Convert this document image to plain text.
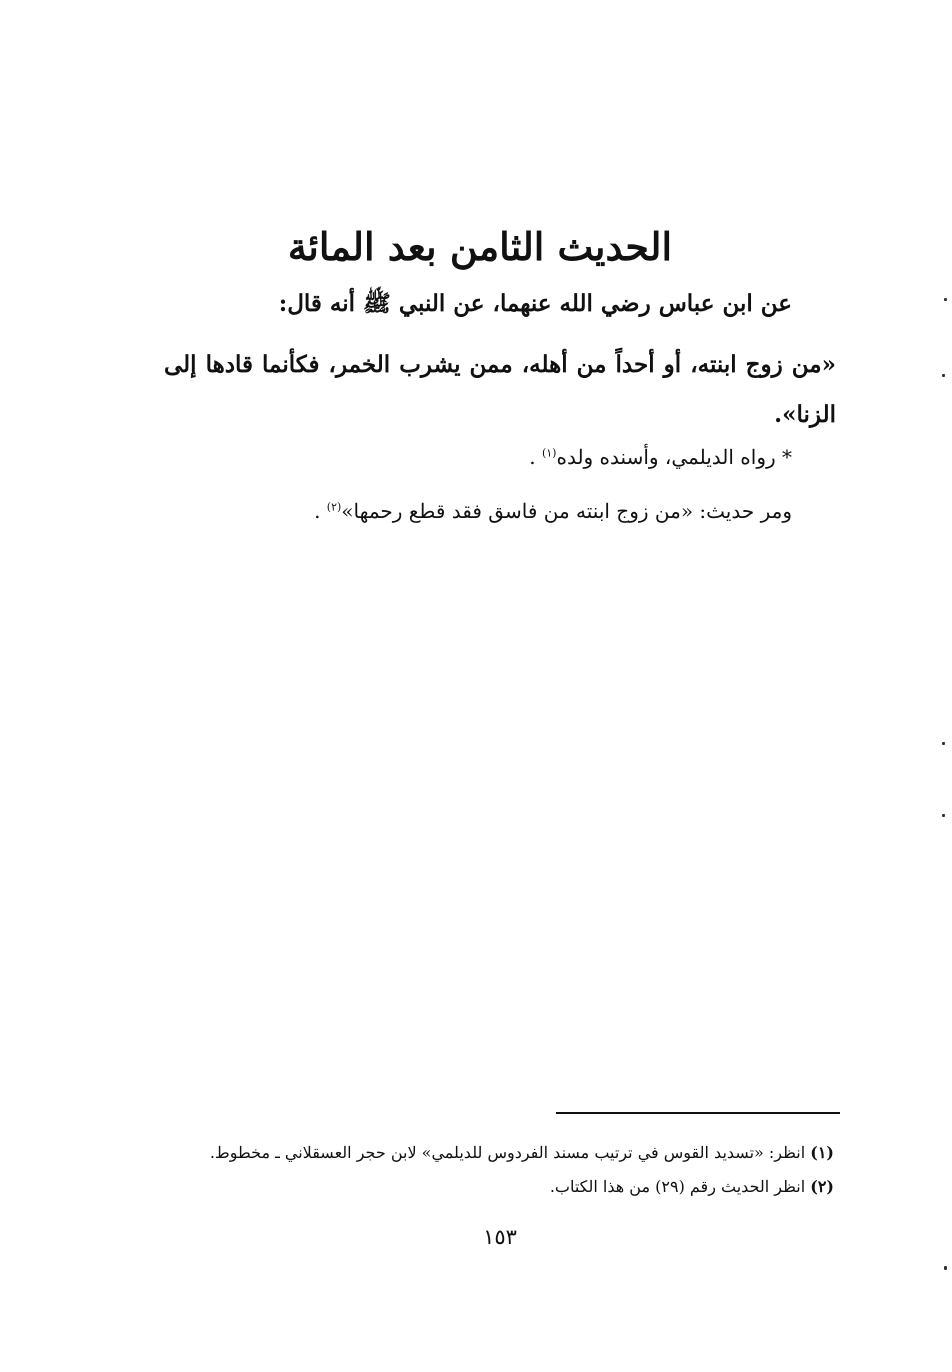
الحديث الثامن بعد المائة
عن ابن عباس رضي الله عنهما، عن النبي ﷺ أنه قال:
«من زوج ابنته، أو أحداً من أهله، ممن يشرب الخمر، فكأنما قادها إلى الزنا».
* رواه الديلمي، وأسنده ولده$^{(١)}$ .
ومر حديث: «من زوج ابنته من فاسق فقد قطع رحمها»$^{(٢)}$ .
(١) انظر: «تسديد القوس في ترتيب مسند الفردوس للديلمي» لابن حجر العسقلاني ـ مخطوط.
(٢) انظر الحديث رقم (٢٩) من هذا الكتاب.
١٥٣
